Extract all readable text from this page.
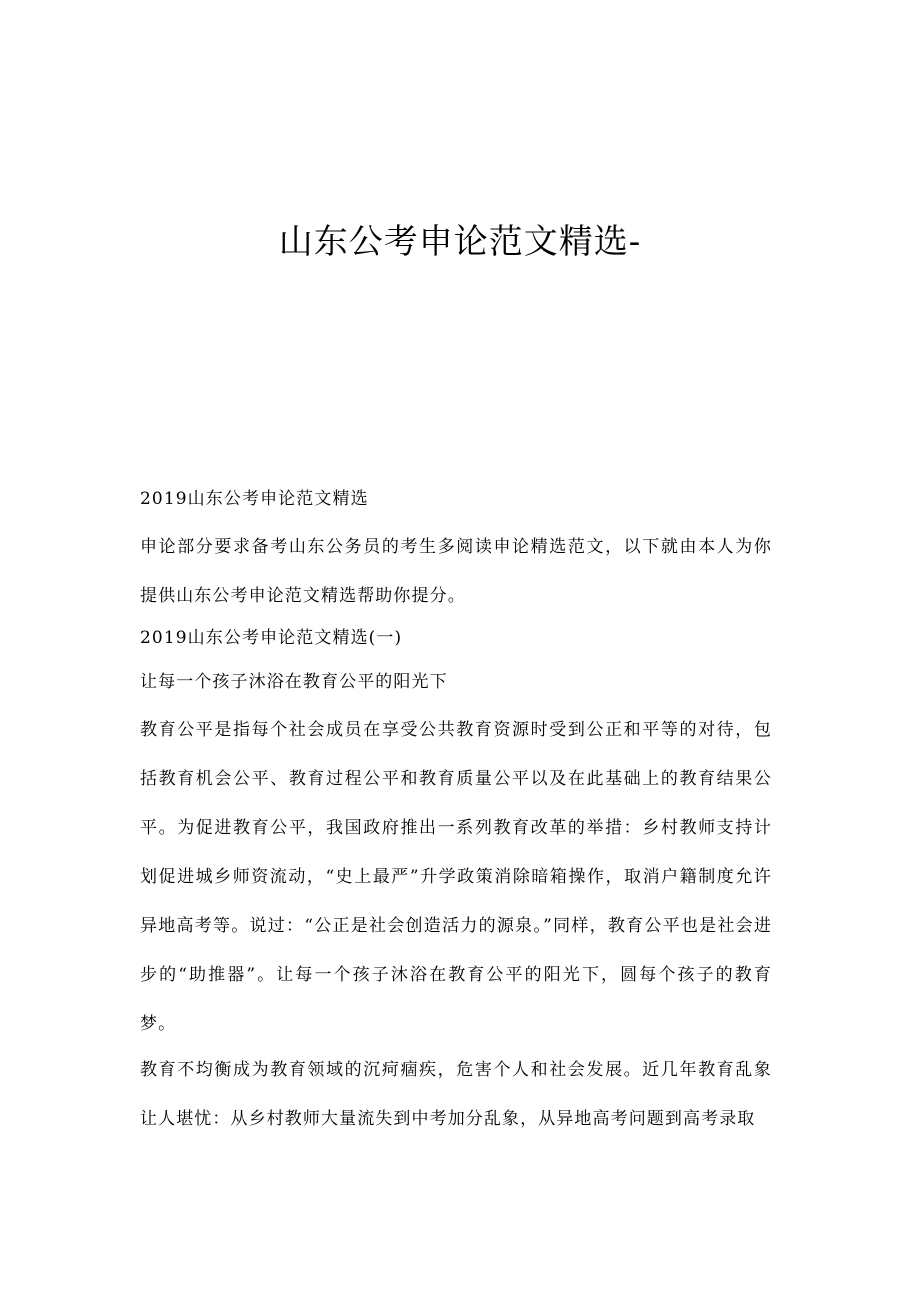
山东公考申论范文精选-

2019山东公考申论范文精选

申论部分要求备考山东公务员的考生多阅读申论精选范文，以下就由本人为你提供山东公考申论范文精选帮助你提分。

2019山东公考申论范文精选(一)

让每一个孩子沐浴在教育公平的阳光下

教育公平是指每个社会成员在享受公共教育资源时受到公正和平等的对待，包括教育机会公平、教育过程公平和教育质量公平以及在此基础上的教育结果公平。为促进教育公平，我国政府推出一系列教育改革的举措：乡村教师支持计划促进城乡师资流动，“史上最严”升学政策消除暗箱操作，取消户籍制度允许异地高考等。说过：“公正是社会创造活力的源泉。”同样，教育公平也是社会进步的“助推器”。让每一个孩子沐浴在教育公平的阳光下，圆每个孩子的教育梦。

教育不均衡成为教育领域的沉疴痼疾，危害个人和社会发展。近几年教育乱象让人堪忧：从乡村教师大量流失到中考加分乱象，从异地高考问题到高考录取
